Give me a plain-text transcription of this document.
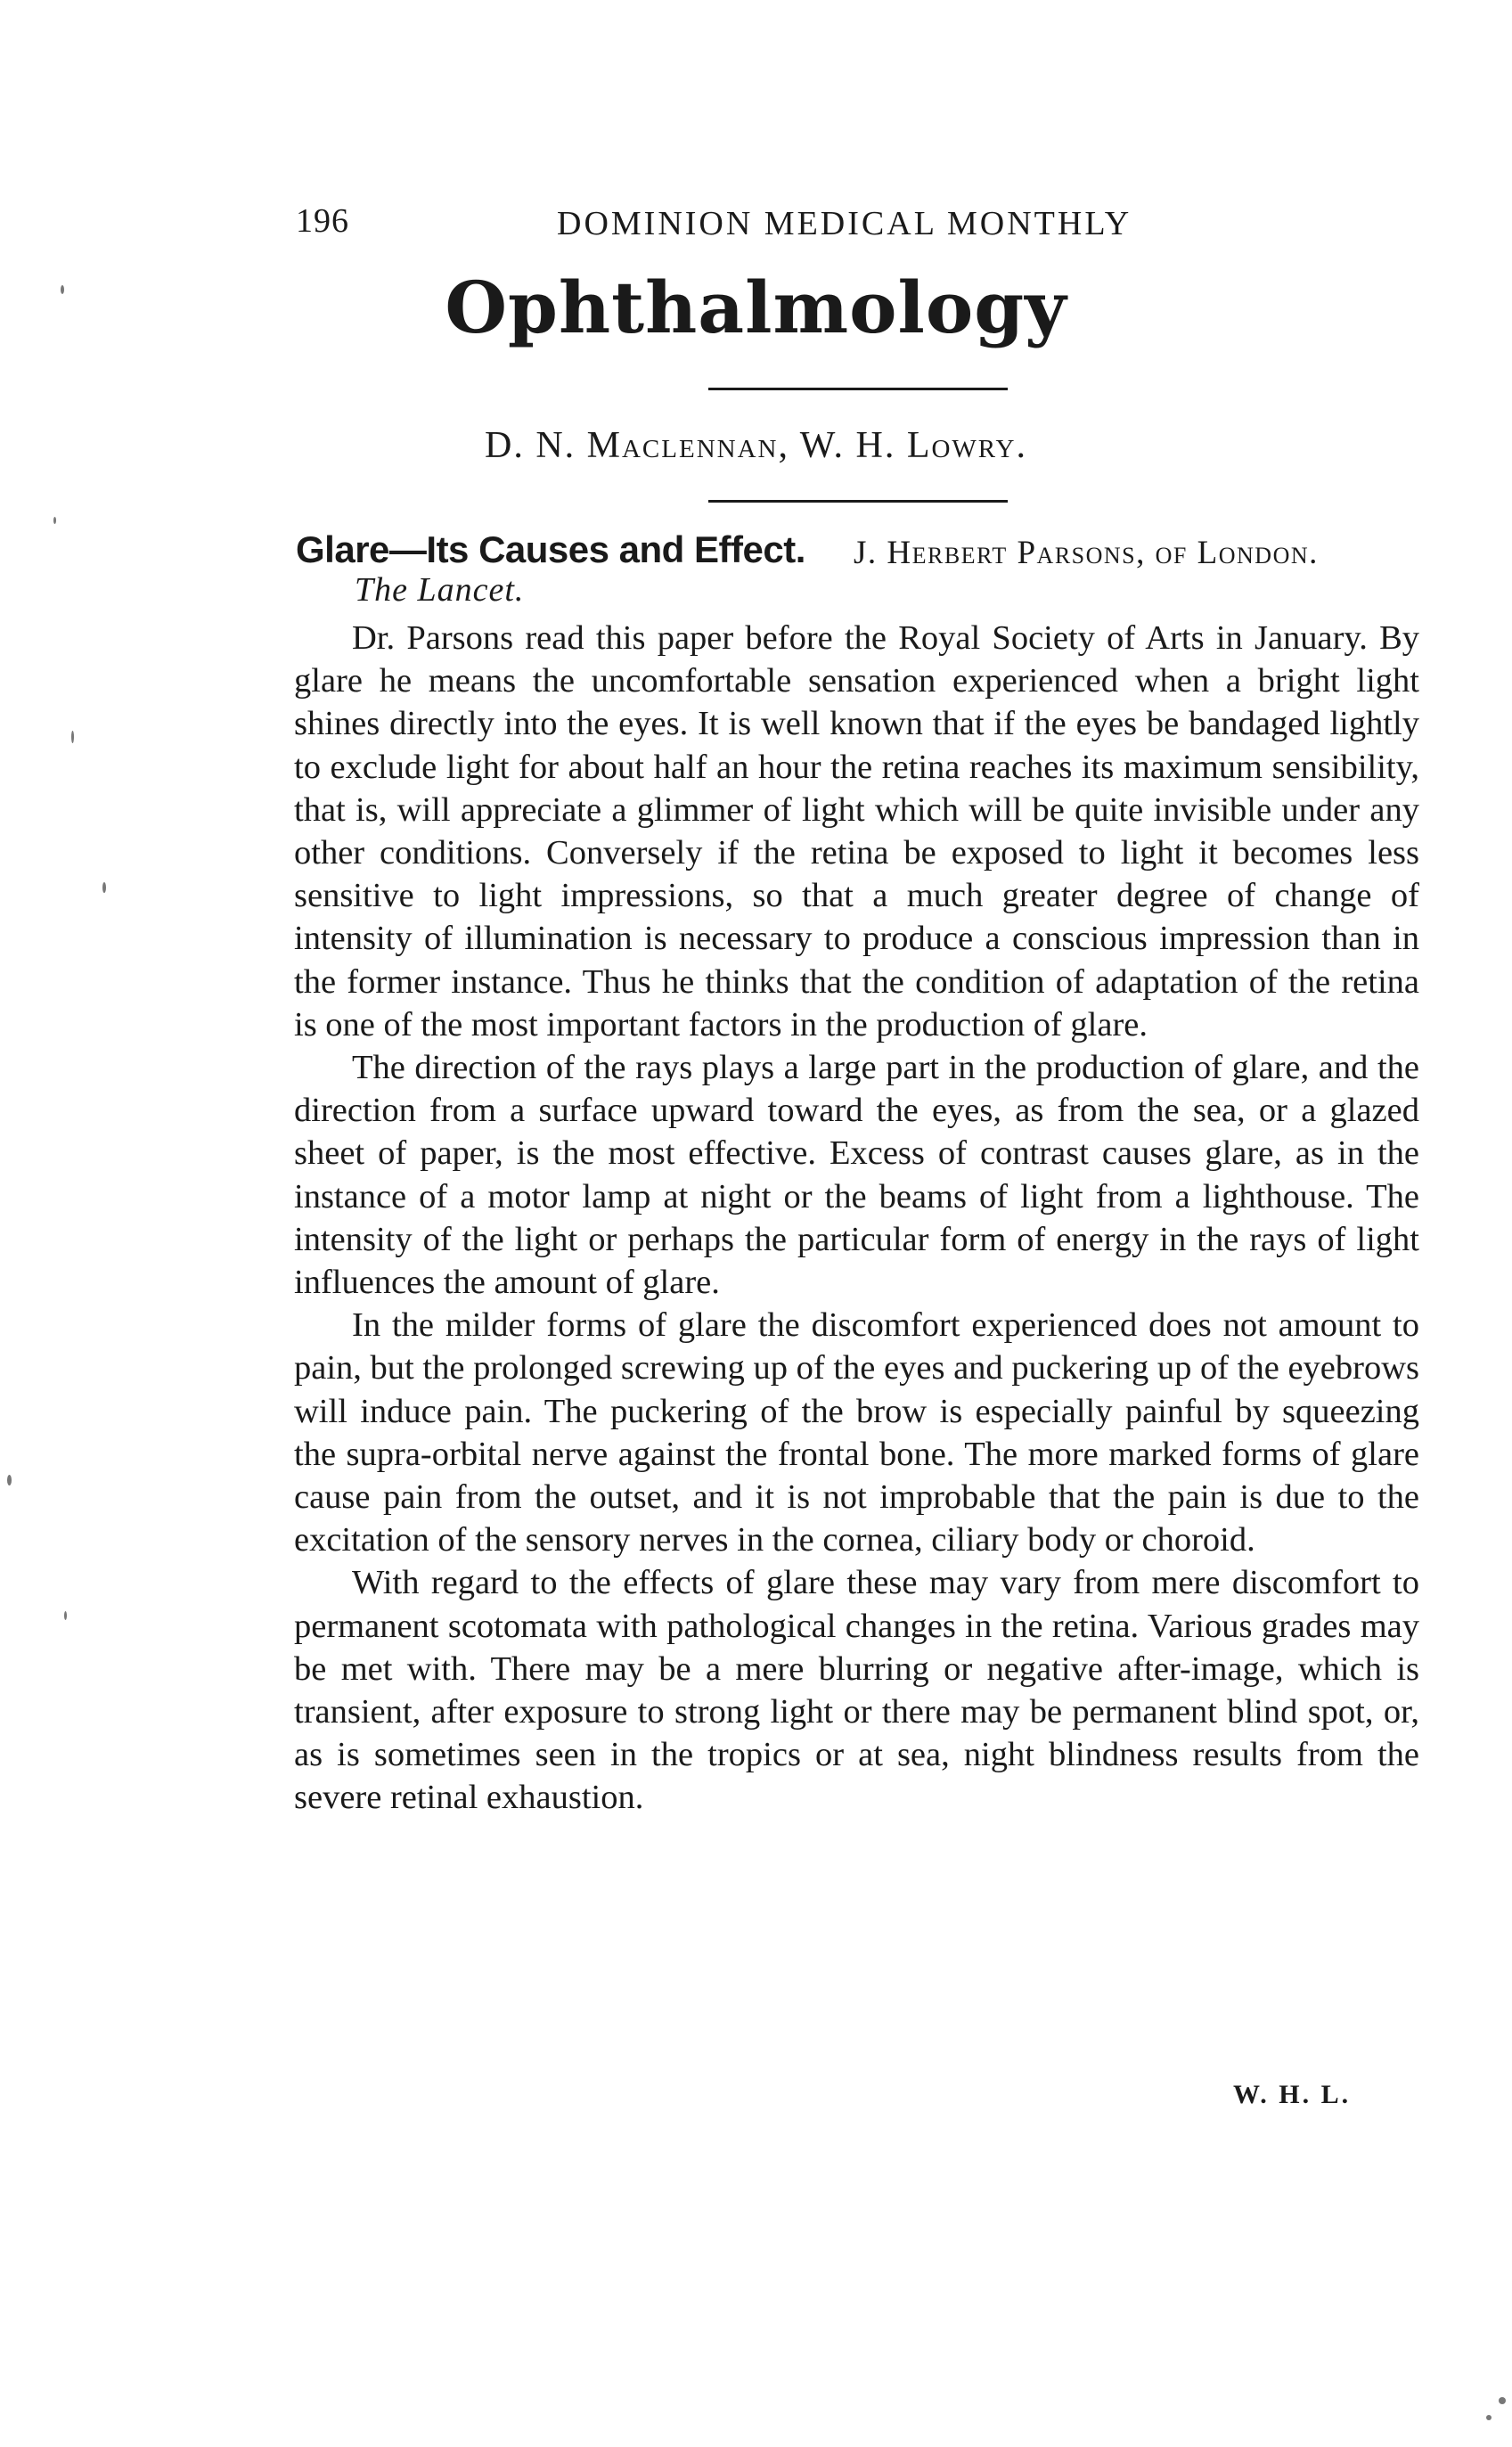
196	DOMINION MEDICAL MONTHLY
Ophthalmology
D. N. Maclennan, W. H. Lowry.
Glare—Its Causes and Effect. J. Herbert Parsons, of London.
The Lancet.

Dr. Parsons read this paper before the Royal Society of Arts in January. By glare he means the uncomfortable sensation experienced when a bright light shines directly into the eyes. It is well known that if the eyes be bandaged lightly to exclude light for about half an hour the retina reaches its maximum sensibility, that is, will appreciate a glimmer of light which will be quite invisible under any other conditions. Conversely if the retina be exposed to light it becomes less sensitive to light impressions, so that a much greater degree of change of intensity of illumination is necessary to produce a conscious impression than in the former instance. Thus he thinks that the condition of adaptation of the retina is one of the most important factors in the production of glare.

The direction of the rays plays a large part in the production of glare, and the direction from a surface upward toward the eyes, as from the sea, or a glazed sheet of paper, is the most effective. Excess of contrast causes glare, as in the instance of a motor lamp at night or the beams of light from a lighthouse. The intensity of the light or perhaps the particular form of energy in the rays of light influences the amount of glare.

In the milder forms of glare the discomfort experienced does not amount to pain, but the prolonged screwing up of the eyes and puckering up of the eyebrows will induce pain. The puckering of the brow is especially painful by squeezing the supra-orbital nerve against the frontal bone. The more marked forms of glare cause pain from the outset, and it is not improbable that the pain is due to the excitation of the sensory nerves in the cornea, ciliary body or choroid.

With regard to the effects of glare these may vary from mere discomfort to permanent scotomata with pathological changes in the retina. Various grades may be met with. There may be a mere blurring or negative after-image, which is transient, after exposure to strong light or there may be permanent blind spot, or, as is sometimes seen in the tropics or at sea, night blindness results from the severe retinal exhaustion.

W. H. L.
